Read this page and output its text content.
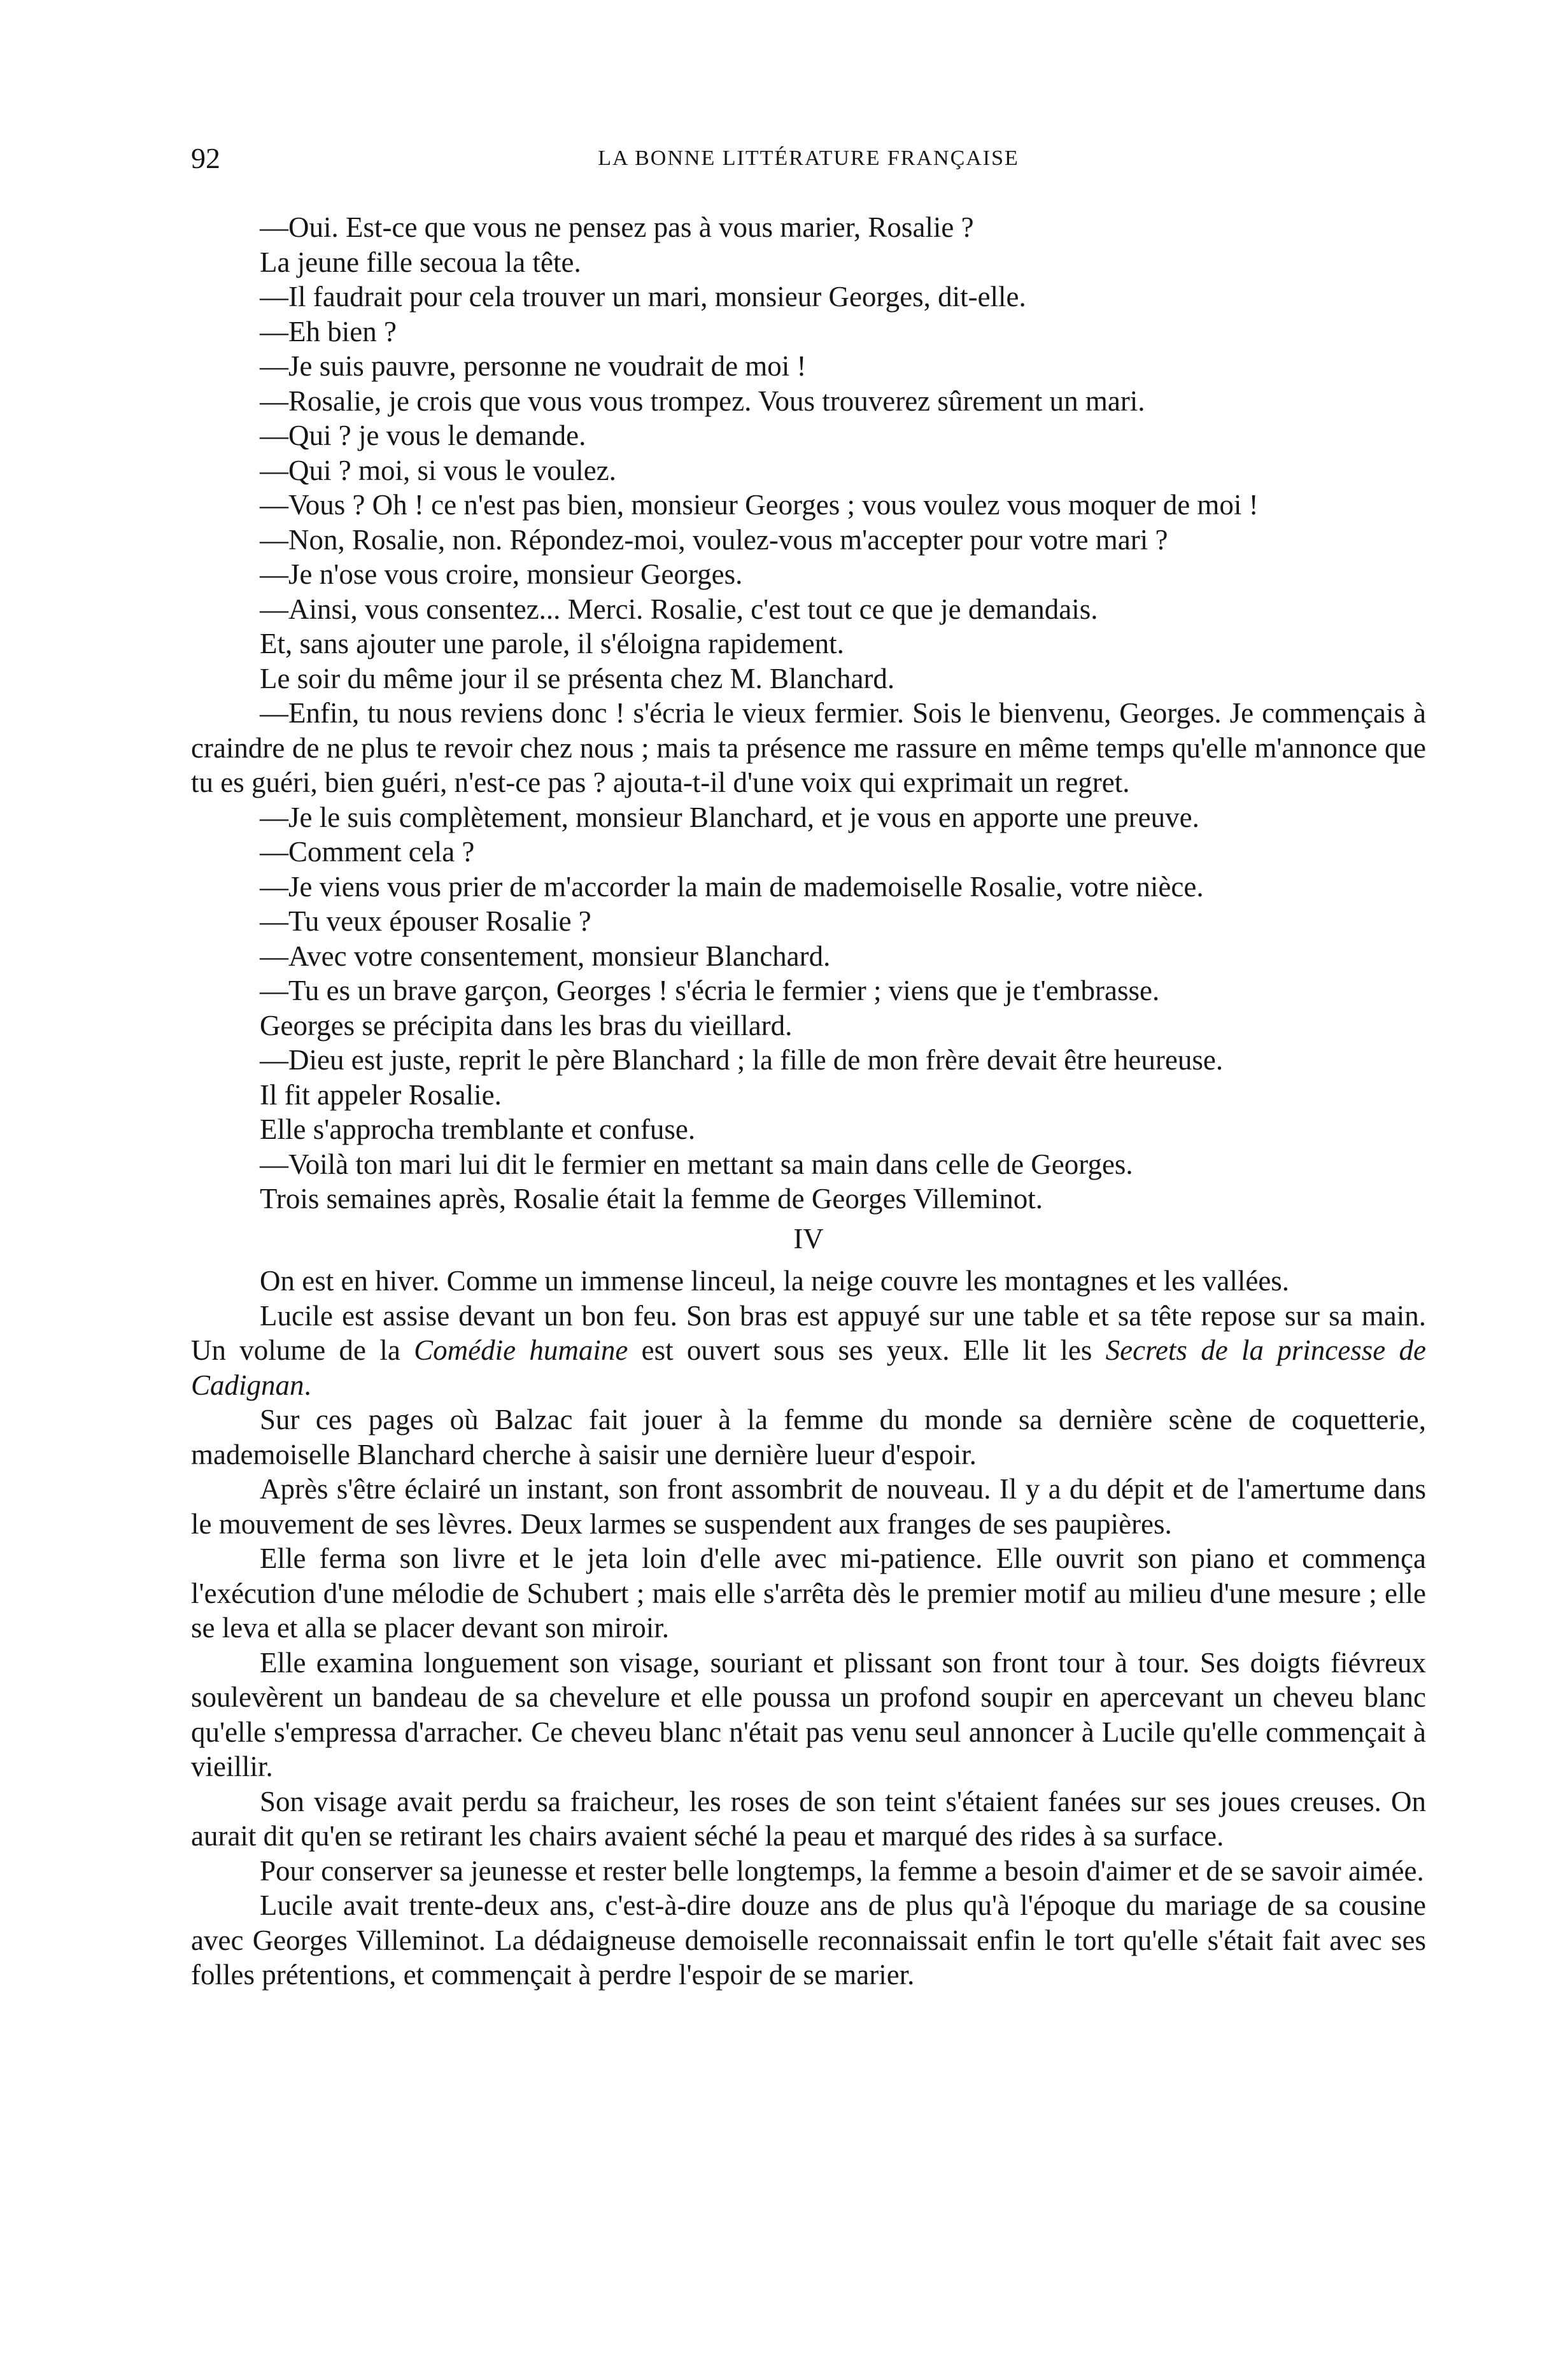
92	LA BONNE LITTÉRATURE FRANÇAISE

—Oui. Est-ce que vous ne pensez pas à vous marier, Rosalie ?

La jeune fille secoua la tête.

—Il faudrait pour cela trouver un mari, monsieur Georges, dit-elle.

—Eh bien ?

—Je suis pauvre, personne ne voudrait de moi !

—Rosalie, je crois que vous vous trompez. Vous trouverez sûrement un mari.

—Qui ? je vous le demande.

—Qui ? moi, si vous le voulez.

—Vous ? Oh ! ce n'est pas bien, monsieur Georges ; vous voulez vous moquer de moi !

—Non, Rosalie, non. Répondez-moi, voulez-vous m'accepter pour votre mari ?

—Je n'ose vous croire, monsieur Georges.

—Ainsi, vous consentez... Merci. Rosalie, c'est tout ce que je demandais.

Et, sans ajouter une parole, il s'éloigna rapidement.

Le soir du même jour il se présenta chez M. Blanchard.

—Enfin, tu nous reviens donc ! s'écria le vieux fermier. Sois le bienvenu, Georges. Je commençais à craindre de ne plus te revoir chez nous ; mais ta présence me rassure en même temps qu'elle m'annonce que tu es guéri, bien guéri, n'est-ce pas ? ajouta-t-il d'une voix qui exprimait un regret.

—Je le suis complètement, monsieur Blanchard, et je vous en apporte une preuve.

—Comment cela ?

—Je viens vous prier de m'accorder la main de mademoiselle Rosalie, votre nièce.

—Tu veux épouser Rosalie ?

—Avec votre consentement, monsieur Blanchard.

—Tu es un brave garçon, Georges ! s'écria le fermier ; viens que je t'embrasse.

Georges se précipita dans les bras du vieillard.

—Dieu est juste, reprit le père Blanchard ; la fille de mon frère devait être heureuse.

Il fit appeler Rosalie.

Elle s'approcha tremblante et confuse.

—Voilà ton mari lui dit le fermier en mettant sa main dans celle de Georges.

Trois semaines après, Rosalie était la femme de Georges Villeminot.

IV

On est en hiver. Comme un immense linceul, la neige couvre les montagnes et les vallées.

Lucile est assise devant un bon feu. Son bras est appuyé sur une table et sa tête repose sur sa main. Un volume de la Comédie humaine est ouvert sous ses yeux. Elle lit les Secrets de la princesse de Cadignan.

Sur ces pages où Balzac fait jouer à la femme du monde sa dernière scène de coquetterie, mademoiselle Blanchard cherche à saisir une dernière lueur d'espoir.

Après s'être éclairé un instant, son front assombrit de nouveau. Il y a du dépit et de l'amertume dans le mouvement de ses lèvres. Deux larmes se suspendent aux franges de ses paupières.

Elle ferma son livre et le jeta loin d'elle avec mi-patience. Elle ouvrit son piano et commença l'exécution d'une mélodie de Schubert ; mais elle s'arrêta dès le premier motif au milieu d'une mesure ; elle se leva et alla se placer devant son miroir.

Elle examina longuement son visage, souriant et plissant son front tour à tour. Ses doigts fiévreux soulevèrent un bandeau de sa chevelure et elle poussa un profond soupir en apercevant un cheveu blanc qu'elle s'empressa d'arracher. Ce cheveu blanc n'était pas venu seul annoncer à Lucile qu'elle commençait à vieillir.

Son visage avait perdu sa fraicheur, les roses de son teint s'étaient fanées sur ses joues creuses. On aurait dit qu'en se retirant les chairs avaient séché la peau et marqué des rides à sa surface.

Pour conserver sa jeunesse et rester belle longtemps, la femme a besoin d'aimer et de se savoir aimée.

Lucile avait trente-deux ans, c'est-à-dire douze ans de plus qu'à l'époque du mariage de sa cousine avec Georges Villeminot. La dédaigneuse demoiselle reconnaissait enfin le tort qu'elle s'était fait avec ses folles prétentions, et commençait à perdre l'espoir de se marier.
